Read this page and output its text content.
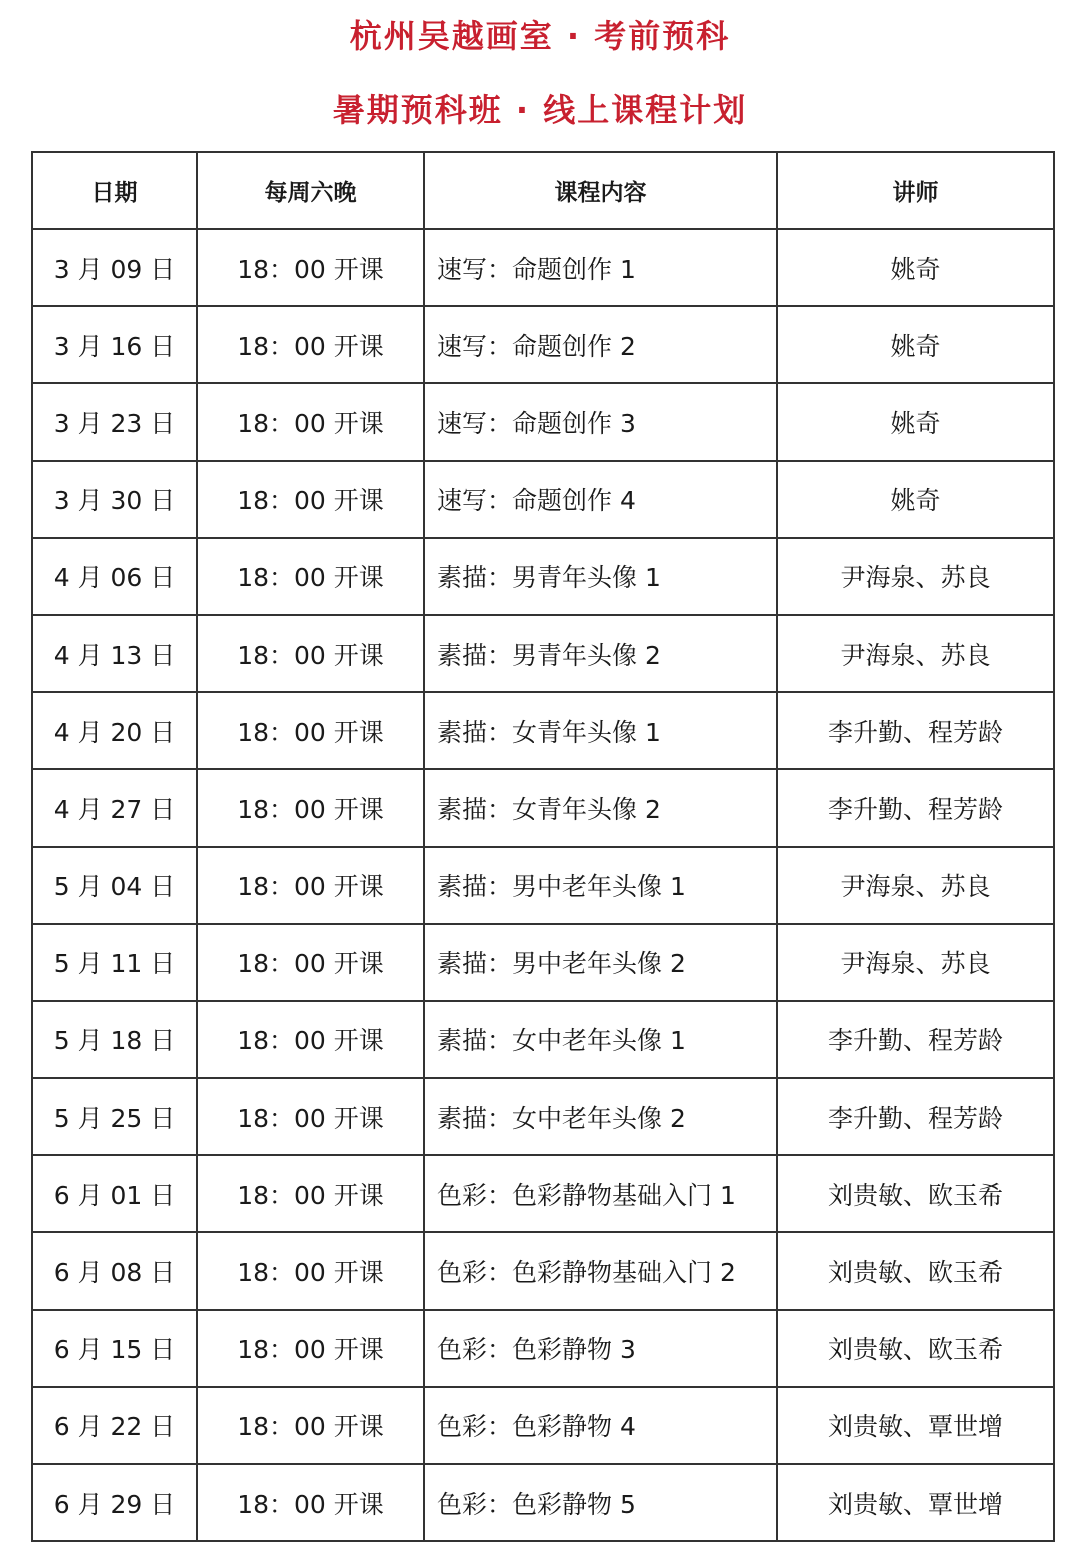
杭州吴越画室 · 考前预科
暑期预科班 · 线上课程计划
日期	每周六晚	课程内容	讲师
3 月 09 日	18：00 开课	速写：命题创作 1	姚奇
3 月 16 日	18：00 开课	速写：命题创作 2	姚奇
3 月 23 日	18：00 开课	速写：命题创作 3	姚奇
3 月 30 日	18：00 开课	速写：命题创作 4	姚奇
4 月 06 日	18：00 开课	素描：男青年头像 1	尹海泉、苏良
4 月 13 日	18：00 开课	素描：男青年头像 2	尹海泉、苏良
4 月 20 日	18：00 开课	素描：女青年头像 1	李升勤、程芳龄
4 月 27 日	18：00 开课	素描：女青年头像 2	李升勤、程芳龄
5 月 04 日	18：00 开课	素描：男中老年头像 1	尹海泉、苏良
5 月 11 日	18：00 开课	素描：男中老年头像 2	尹海泉、苏良
5 月 18 日	18：00 开课	素描：女中老年头像 1	李升勤、程芳龄
5 月 25 日	18：00 开课	素描：女中老年头像 2	李升勤、程芳龄
6 月 01 日	18：00 开课	色彩：色彩静物基础入门 1	刘贵敏、欧玉希
6 月 08 日	18：00 开课	色彩：色彩静物基础入门 2	刘贵敏、欧玉希
6 月 15 日	18：00 开课	色彩：色彩静物 3	刘贵敏、欧玉希
6 月 22 日	18：00 开课	色彩：色彩静物 4	刘贵敏、覃世增
6 月 29 日	18：00 开课	色彩：色彩静物 5	刘贵敏、覃世增
